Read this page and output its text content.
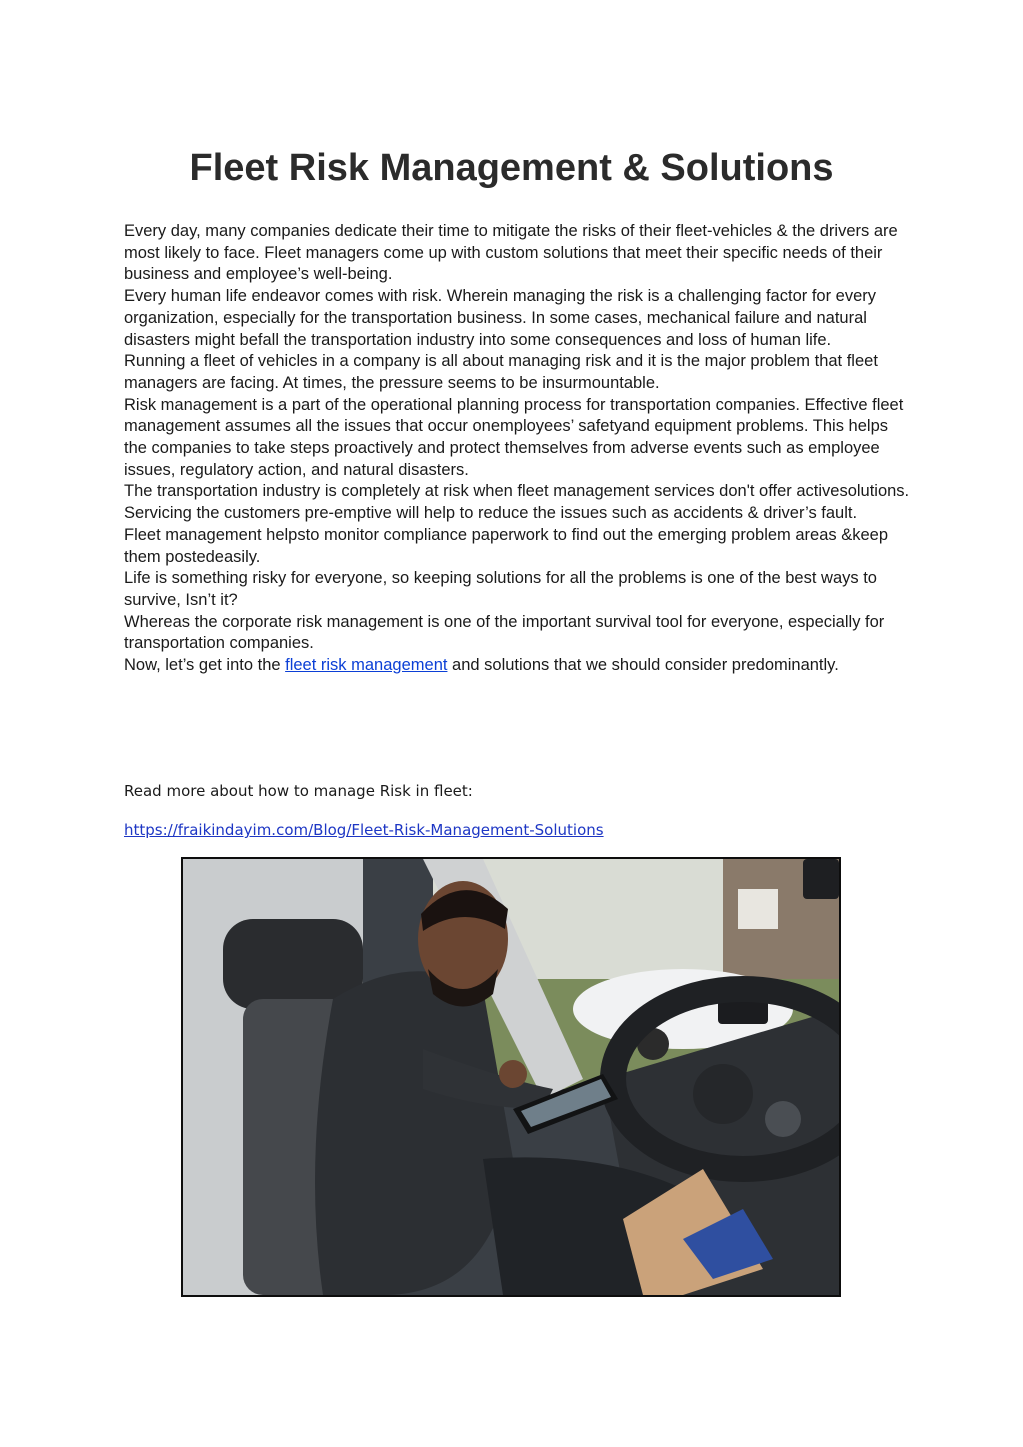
Fleet Risk Management & Solutions

Every day, many companies dedicate their time to mitigate the risks of their fleet-vehicles & the drivers are most likely to face. Fleet managers come up with custom solutions that meet their specific needs of their business and employee’s well-being.

Every human life endeavor comes with risk. Wherein managing the risk is a challenging factor for every organization, especially for the transportation business. In some cases, mechanical failure and natural disasters might befall the transportation industry into some consequences and loss of human life.

Running a fleet of vehicles in a company is all about managing risk and it is the major problem that fleet managers are facing. At times, the pressure seems to be insurmountable.

Risk management is a part of the operational planning process for transportation companies. Effective fleet management assumes all the issues that occur onemployees’ safetyand equipment problems. This helps the companies to take steps proactively and protect themselves from adverse events such as employee issues, regulatory action, and natural disasters.

The transportation industry is completely at risk when fleet management services don't offer activesolutions. Servicing the customers pre-emptive will help to reduce the issues such as accidents & driver’s fault.

Fleet management helpsto monitor compliance paperwork to find out the emerging problem areas &keep them postedeasily.

Life is something risky for everyone, so keeping solutions for all the problems is one of the best ways to survive, Isn’t it?

Whereas the corporate risk management is one of the important survival tool for everyone, especially for transportation companies.

Now, let’s get into the fleet risk management and solutions that we should consider predominantly.

Read more about how to manage Risk in fleet:

https://fraikindayim.com/Blog/Fleet-Risk-Management-Solutions
